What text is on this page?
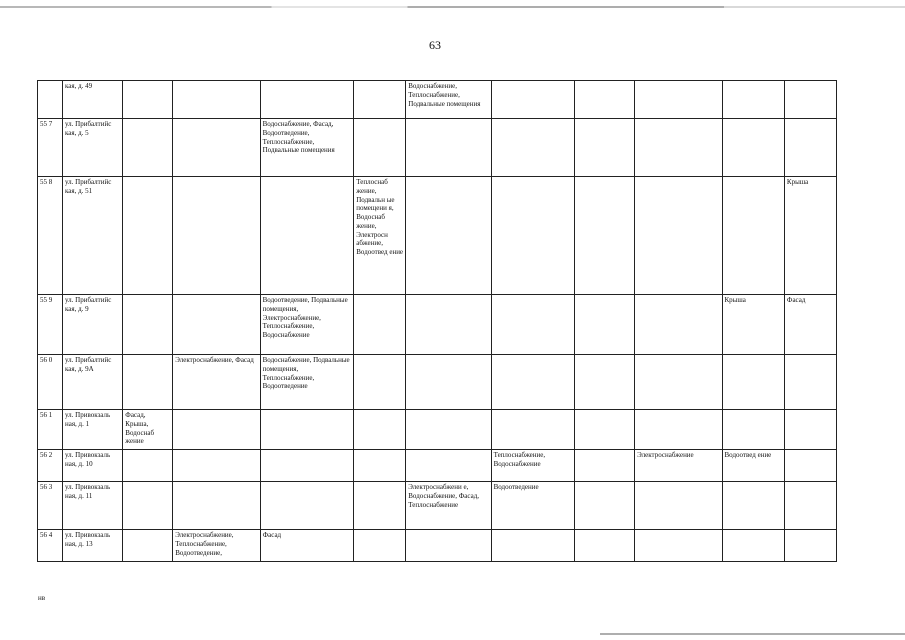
63
	кая, д. 49					Водоснабжение, Теплоснабжение, Подвальные помещения					
55 7	ул. Прибалтийс кая, д. 5			Водоснабжение, Фасад, Водоотведение, Теплоснабжение, Подвальные помещения							
55 8	ул. Прибалтийс кая, д. 51				Теплоснаб жение, Подвальн ые помещени я, Водоснаб жение, Электросн абжение, Водоотвед ение						Крыша
55 9	ул. Прибалтийс кая, д. 9			Водоотведение, Подвальные помещения, Электроснабжение, Теплоснабжение, Водоснабжение						Крыша	Фасад
56 0	ул. Прибалтийс кая, д. 9А		Электроснабжение, Фасад	Водоснабжение, Подвальные помещения, Теплоснабжение, Водоотведение							
56 1	ул. Привокзаль ная, д. 1	Фасад, Крыша, Водоснаб жение									
56 2	ул. Привокзаль ная, д. 10						Теплоснабжение, Водоснабжение		Электроснабжение	Водоотвед ение	
56 3	ул. Привокзаль ная, д. 11					Электроснабжени е, Водоснабжение, Фасад, Теплоснабжение	Водоотведение				
56 4	ул. Привокзаль ная, д. 13		Электроснабжение, Теплоснабжение, Водоотведение,	Фасад							
нв
